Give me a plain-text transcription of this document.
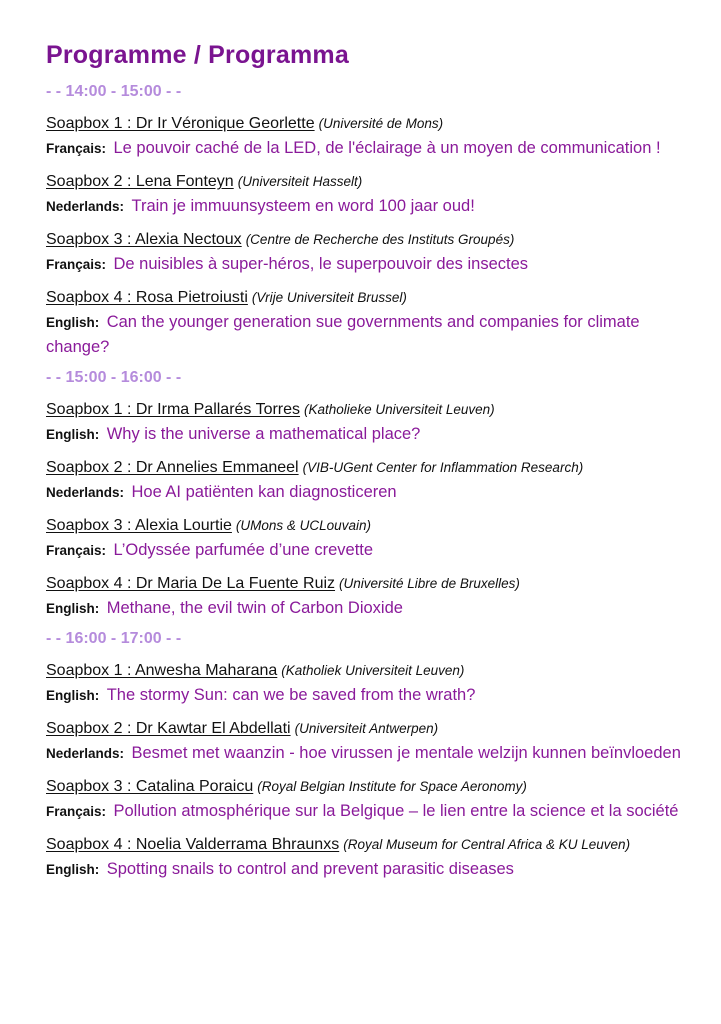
Programme / Programma
- - 14:00 - 15:00 - -
Soapbox 1 : Dr Ir Véronique Georlette (Université de Mons)
Français: Le pouvoir caché de la LED, de l'éclairage à un moyen de communication !
Soapbox 2 : Lena Fonteyn (Universiteit Hasselt)
Nederlands: Train je immuunsysteem en word 100 jaar oud!
Soapbox 3 : Alexia Nectoux (Centre de Recherche des Instituts Groupés)
Français: De nuisibles à super-héros, le superpouvoir des insectes
Soapbox 4 : Rosa Pietroiusti (Vrije Universiteit Brussel)
English: Can the younger generation sue governments and companies for climate change?
- - 15:00 - 16:00 - -
Soapbox 1 : Dr Irma Pallarés Torres (Katholieke Universiteit Leuven)
English: Why is the universe a mathematical place?
Soapbox 2 : Dr Annelies Emmaneel (VIB-UGent Center for Inflammation Research)
Nederlands: Hoe AI patiënten kan diagnosticeren
Soapbox 3 : Alexia Lourtie (UMons & UCLouvain)
Français: L’Odyssée parfumée d’une crevette
Soapbox 4 : Dr Maria De La Fuente Ruiz (Université Libre de Bruxelles)
English: Methane, the evil twin of Carbon Dioxide
- - 16:00 - 17:00 - -
Soapbox 1 : Anwesha Maharana (Katholiek Universiteit Leuven)
English: The stormy Sun: can we be saved from the wrath?
Soapbox 2 : Dr Kawtar El Abdellati (Universiteit Antwerpen)
Nederlands: Besmet met waanzin - hoe virussen je mentale welzijn kunnen beïnvloeden
Soapbox 3 : Catalina Poraicu (Royal Belgian Institute for Space Aeronomy)
Français: Pollution atmosphérique sur la Belgique – le lien entre la science et la société
Soapbox 4 : Noelia Valderrama Bhraunxs (Royal Museum for Central Africa & KU Leuven)
English: Spotting snails to control and prevent parasitic diseases
